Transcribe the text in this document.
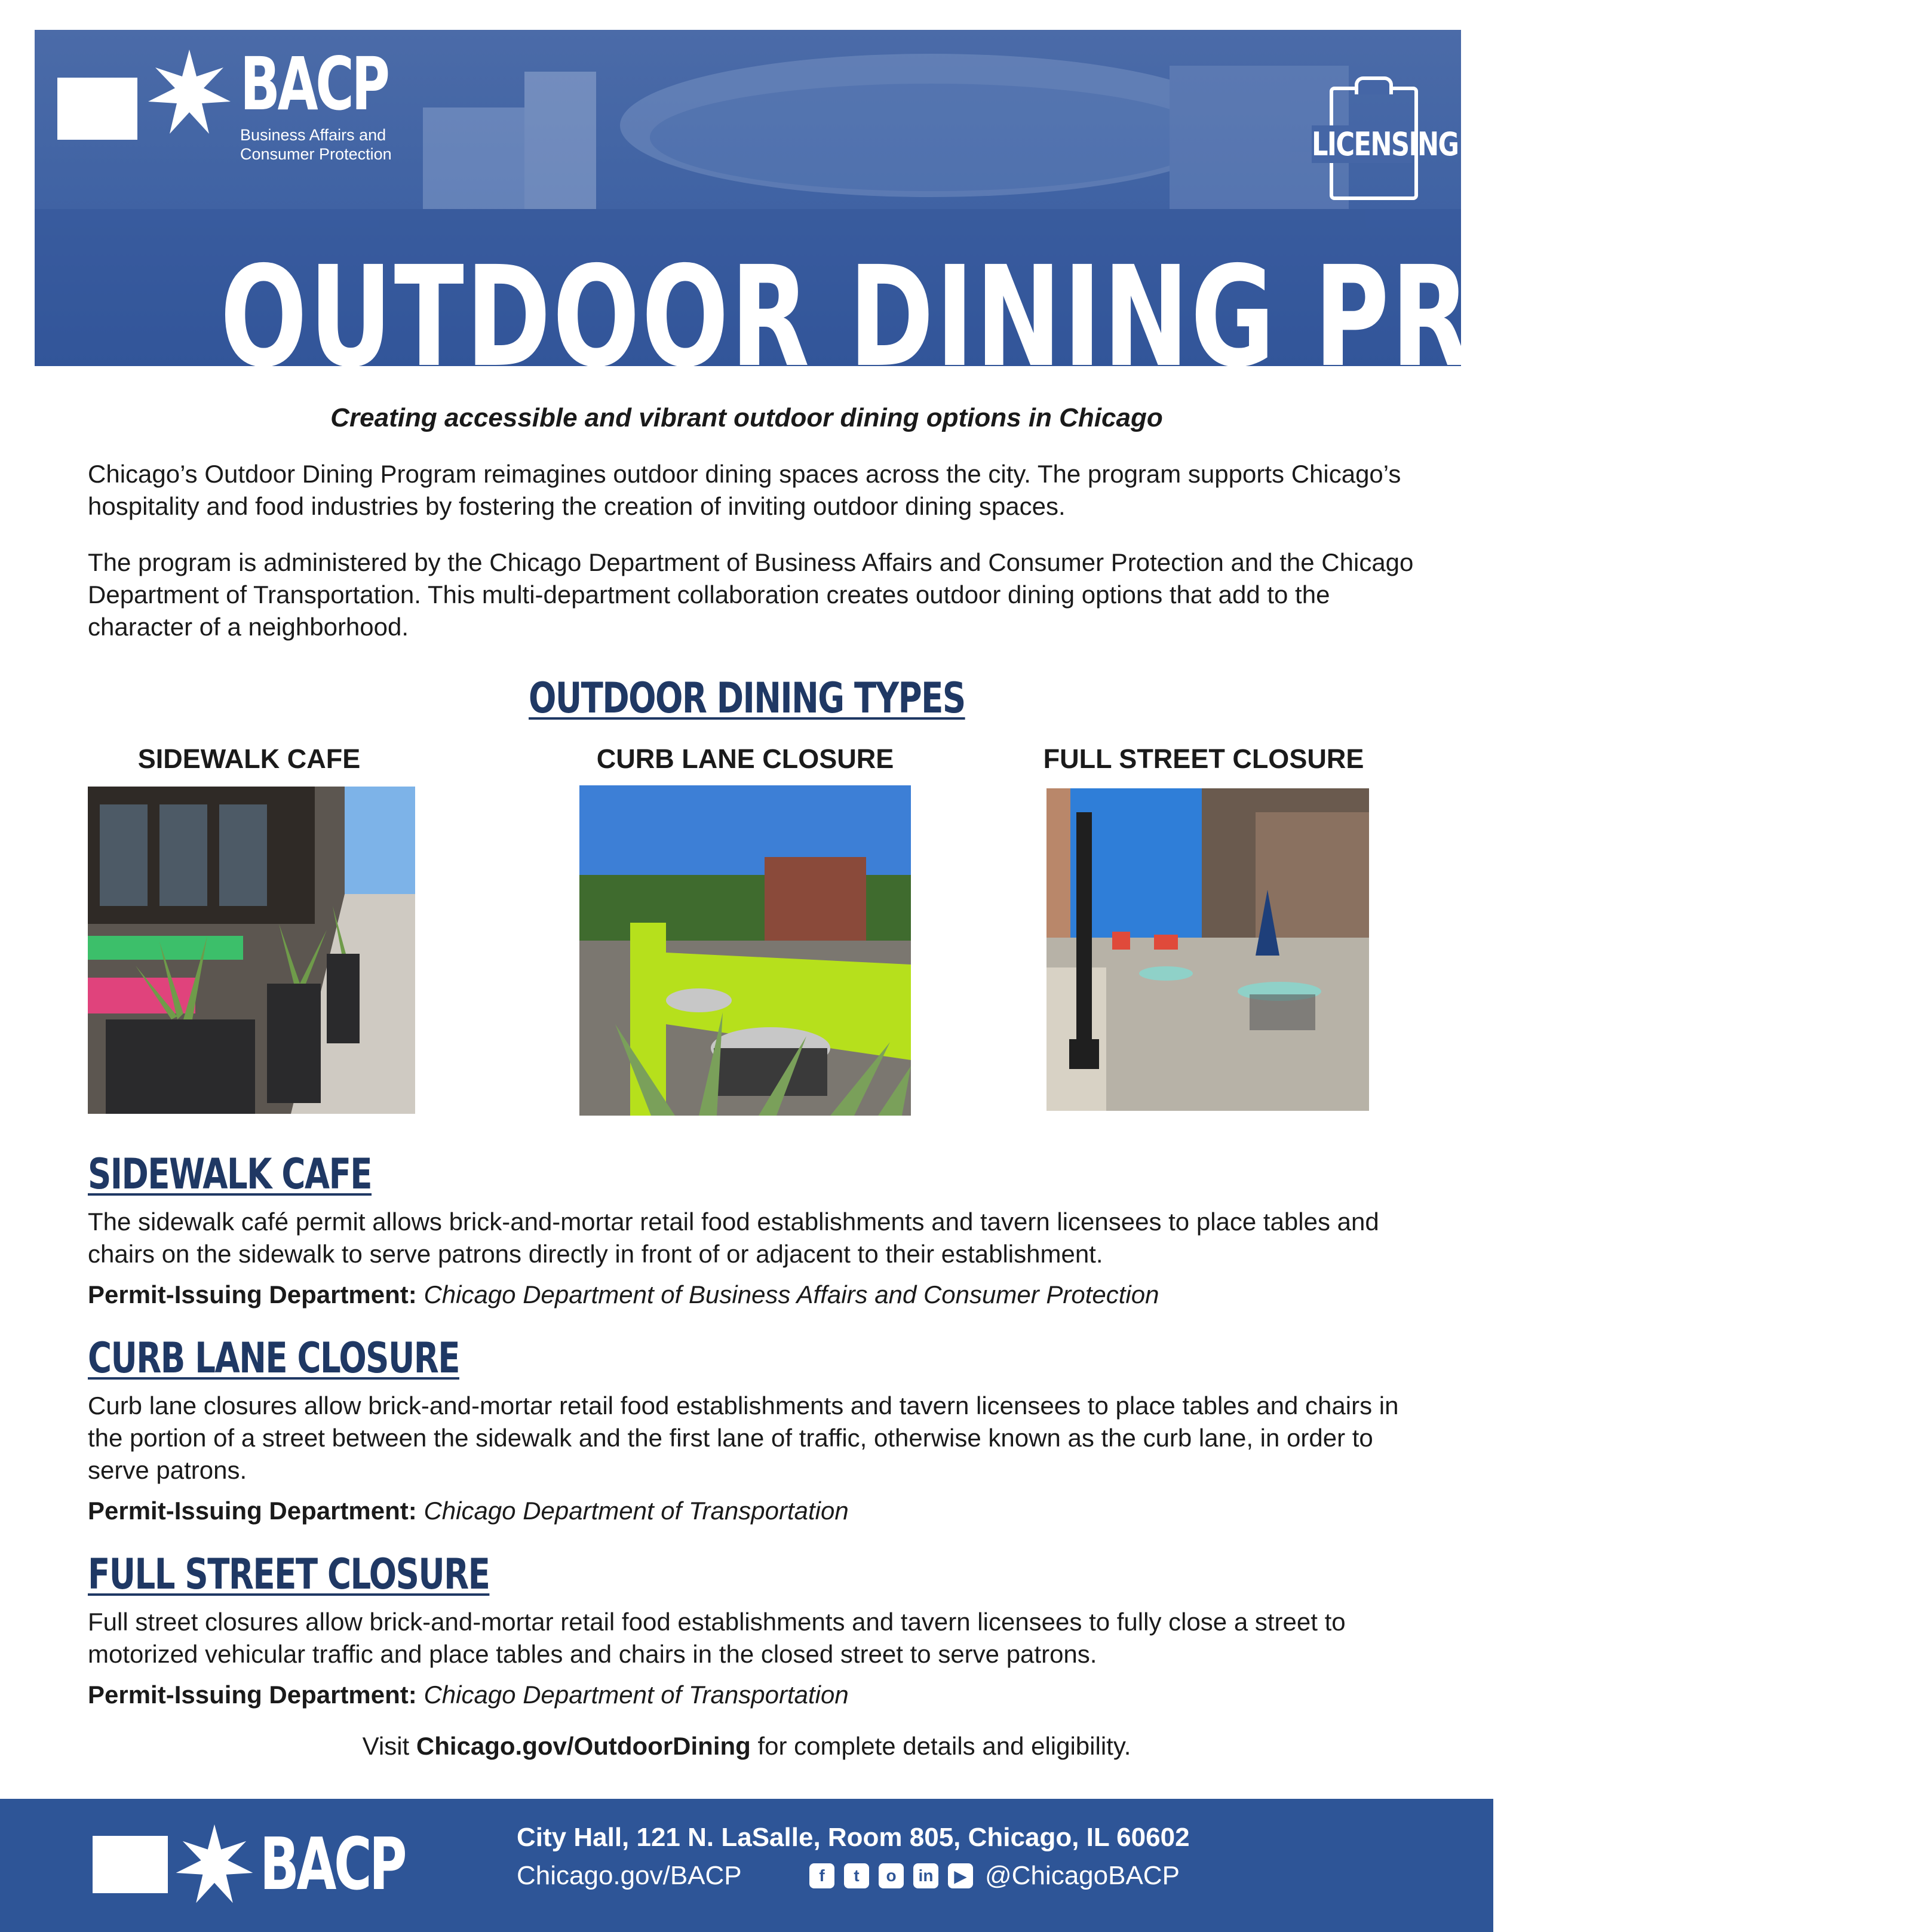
BACP
Business Affairs and
Consumer Protection	LICENSING
OUTDOOR DINING PROGRAM
Creating accessible and vibrant outdoor dining options in Chicago

Chicago’s Outdoor Dining Program reimagines outdoor dining spaces across the city. The program supports Chicago’s hospitality and food industries by fostering the creation of inviting outdoor dining spaces.

The program is administered by the Chicago Department of Business Affairs and Consumer Protection and the Chicago Department of Transportation. This multi-department collaboration creates outdoor dining options that add to the character of a neighborhood.

OUTDOOR DINING TYPES
SIDEWALK CAFE	CURB LANE CLOSURE	FULL STREET CLOSURE
SIDEWALK CAFE

The sidewalk café permit allows brick-and-mortar retail food establishments and tavern licensees to place tables and chairs on the sidewalk to serve patrons directly in front of or adjacent to their establishment.

Permit-Issuing Department: Chicago Department of Business Affairs and Consumer Protection

CURB LANE CLOSURE

Curb lane closures allow brick-and-mortar retail food establishments and tavern licensees to place tables and chairs in the portion of a street between the sidewalk and the first lane of traffic, otherwise known as the curb lane, in order to serve patrons.

Permit-Issuing Department: Chicago Department of Transportation

FULL STREET CLOSURE

Full street closures allow brick-and-mortar retail food establishments and tavern licensees to fully close a street to motorized vehicular traffic and place tables and chairs in the closed street to serve patrons.

Permit-Issuing Department: Chicago Department of Transportation

Visit Chicago.gov/OutdoorDining for complete details and eligibility.
BACP	City Hall, 121 N. LaSalle, Room 805, Chicago, IL 60602
Chicago.gov/BACP	f	t	o	in	▶ @ChicagoBACP
